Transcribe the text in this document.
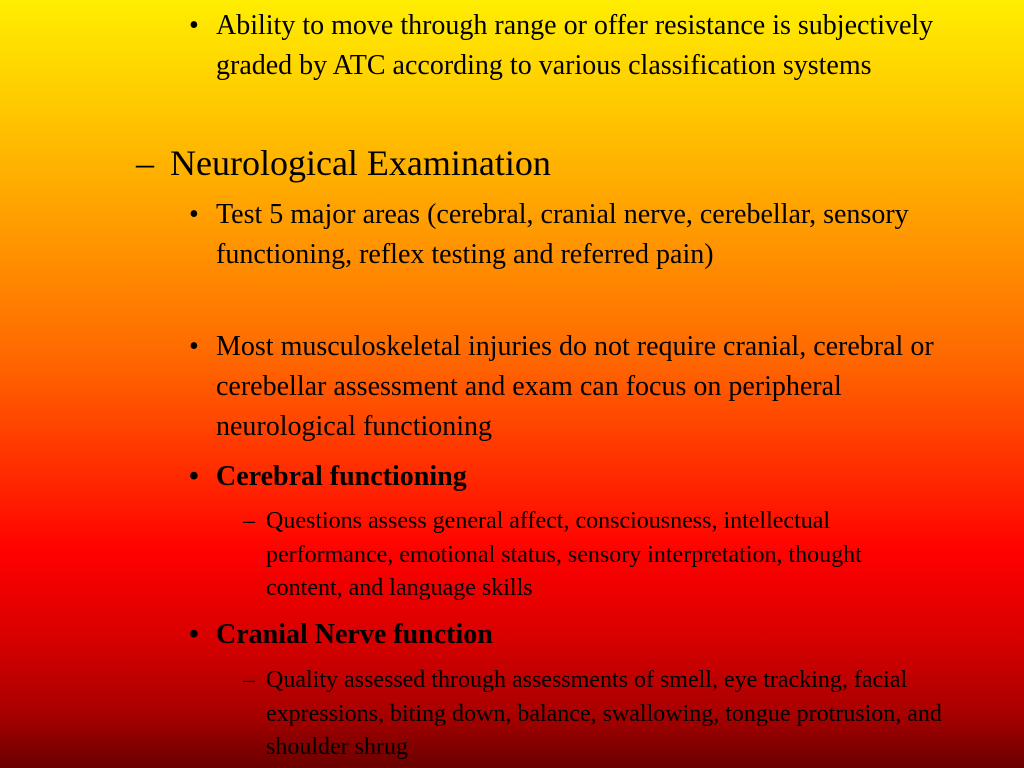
• Ability to move through range or offer resistance is subjectively graded by ATC according to various classification systems
– Neurological Examination
• Test 5 major areas (cerebral, cranial nerve, cerebellar, sensory functioning, reflex testing and referred pain)
• Most musculoskeletal injuries do not require cranial, cerebral or cerebellar assessment and exam can focus on peripheral neurological functioning
• Cerebral functioning
– Questions assess general affect, consciousness, intellectual performance, emotional status, sensory interpretation, thought content, and language skills
• Cranial Nerve function
– Quality assessed through assessments of smell, eye tracking, facial expressions, biting down, balance, swallowing, tongue protrusion, and shoulder shrug
